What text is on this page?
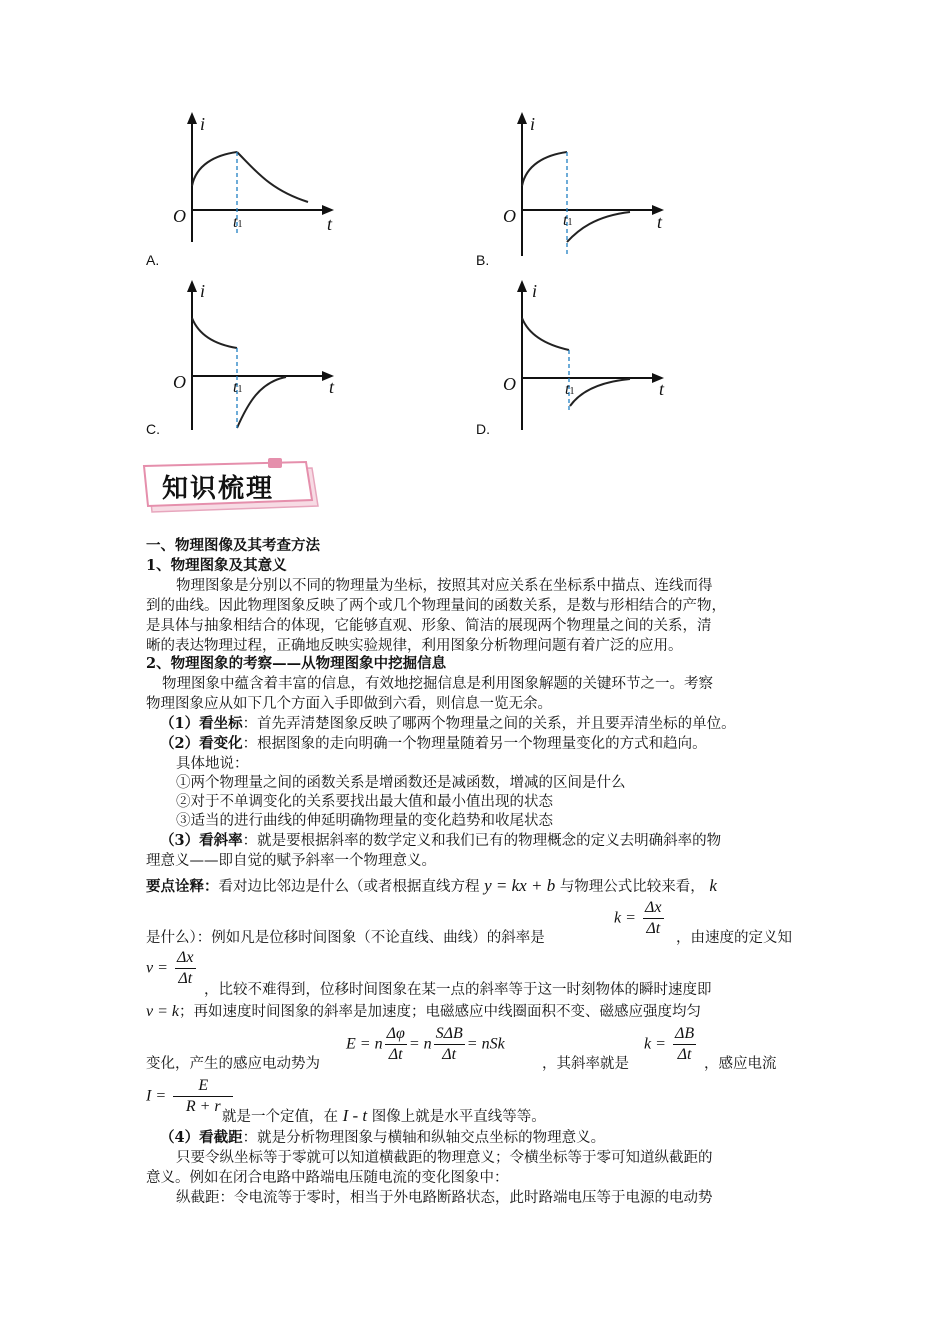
i
O	t
t1
A.
i
O	t
t1
B.
i
O	t
t1
C.
i
O	t
t1
D.
知识梳理
一、物理图像及其考查方法
1、物理图象及其意义
物理图象是分别以不同的物理量为坐标，按照其对应关系在坐标系中描点、连线而得
到的曲线。因此物理图象反映了两个或几个物理量间的函数关系，是数与形相结合的产物，
是具体与抽象相结合的体现，它能够直观、形象、简洁的展现两个物理量之间的关系，清
晰的表达物理过程，正确地反映实验规律，利用图象分析物理问题有着广泛的应用。
2、物理图象的考察——从物理图象中挖掘信息
物理图象中蕴含着丰富的信息，有效地挖掘信息是利用图象解题的关键环节之一。考察
物理图象应从如下几个方面入手即做到六看，则信息一览无余。
（1）看坐标：首先弄清楚图象反映了哪两个物理量之间的关系，并且要弄清坐标的单位。
（2）看变化：根据图象的走向明确一个物理量随着另一个物理量变化的方式和趋向。
具体地说：
①两个物理量之间的函数关系是增函数还是减函数，增减的区间是什么
②对于不单调变化的关系要找出最大值和最小值出现的状态
③适当的进行曲线的伸延明确物理量的变化趋势和收尾状态
（3）看斜率：就是要根据斜率的数学定义和我们已有的物理概念的定义去明确斜率的物
理意义——即自觉的赋予斜率一个物理意义。
要点诠释：看对边比邻边是什么（或者根据直线方程 y = kx + b 与物理公式比较来看， k
是什么）：例如凡是位移时间图象（不论直线、曲线）的斜率是
$k = \frac{\Delta x}{\Delta t}$ ，由速度的定义知
$v = \frac{\Delta x}{\Delta t}$
，比较不难得到，位移时间图象在某一点的斜率等于这一时刻物体的瞬时速度即
v = k；再如速度时间图象的斜率是加速度；电磁感应中线圈面积不变、磁感应强度均匀
变化，产生的感应电动势为
E = n $\frac{\Delta\varphi}{\Delta t} = n \frac{\text{SΔB}}{\Delta t}$ = nSk
，其斜率就是
$k = \frac{\Delta B}{\Delta t}$ ，感应电流
$I = \frac{E}{R + r}$
就是一个定值，在 I - t 图像上就是水平直线等等。
（4）看截距：就是分析物理图象与横轴和纵轴交点坐标的物理意义。
只要令纵坐标等于零就可以知道横截距的物理意义；令横坐标等于零可知道纵截距的
意义。例如在闭合电路中路端电压随电流的变化图象中：
纵截距：令电流等于零时，相当于外电路断路状态，此时路端电压等于电源的电动势
